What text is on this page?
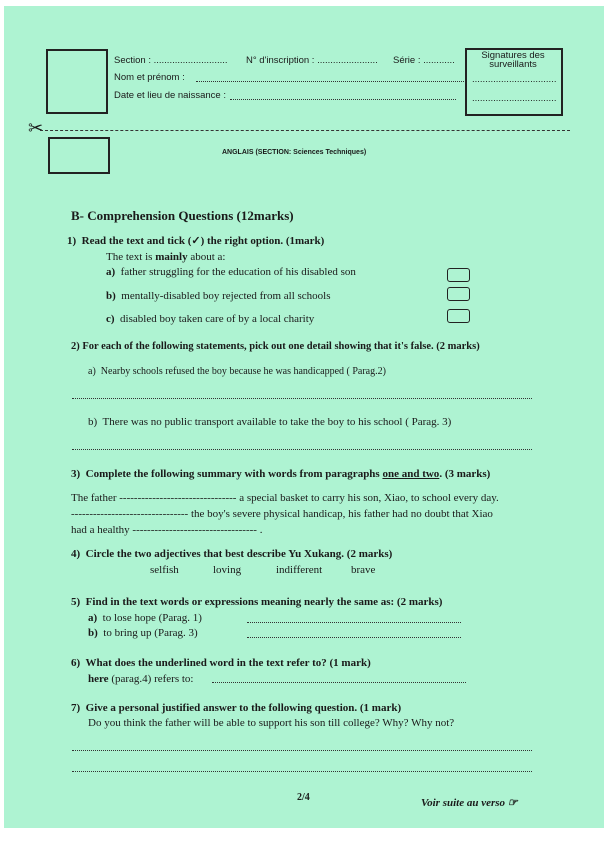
Signatures des surveillants
................................
................................
Section : ............................ N° d'inscription : ....................... Série : ............
Nom et prénom :
Date et lieu de naissance :
✂
ANGLAIS (SECTION: Sciences Techniques)
B- Comprehension Questions (12marks)
1) Read the text and tick (✓) the right option. (1mark)
The text is mainly about a:
a) father struggling for the education of his disabled son
b) mentally-disabled boy rejected from all schools
c) disabled boy taken care of by a local charity
2) For each of the following statements, pick out one detail showing that it's false. (2 marks)
a) Nearby schools refused the boy because he was handicapped ( Parag.2)
b) There was no public transport available to take the boy to his school ( Parag. 3)
3) Complete the following summary with words from paragraphs one and two. (3 marks)
The father -------------------------------- a special basket to carry his son, Xiao, to school every day.
-------------------------------- the boy's severe physical handicap, his father had no doubt that Xiao
had a healthy ---------------------------------- .
4) Circle the two adjectives that best describe Yu Xukang. (2 marks)
selfish	loving	indifferent	brave
5) Find in the text words or expressions meaning nearly the same as: (2 marks)
a) to lose hope (Parag. 1)
b) to bring up (Parag. 3)
6) What does the underlined word in the text refer to? (1 mark)
here (parag.4) refers to:
7) Give a personal justified answer to the following question. (1 mark)
Do you think the father will be able to support his son till college? Why? Why not?
2/4	Voir suite au verso ☞
